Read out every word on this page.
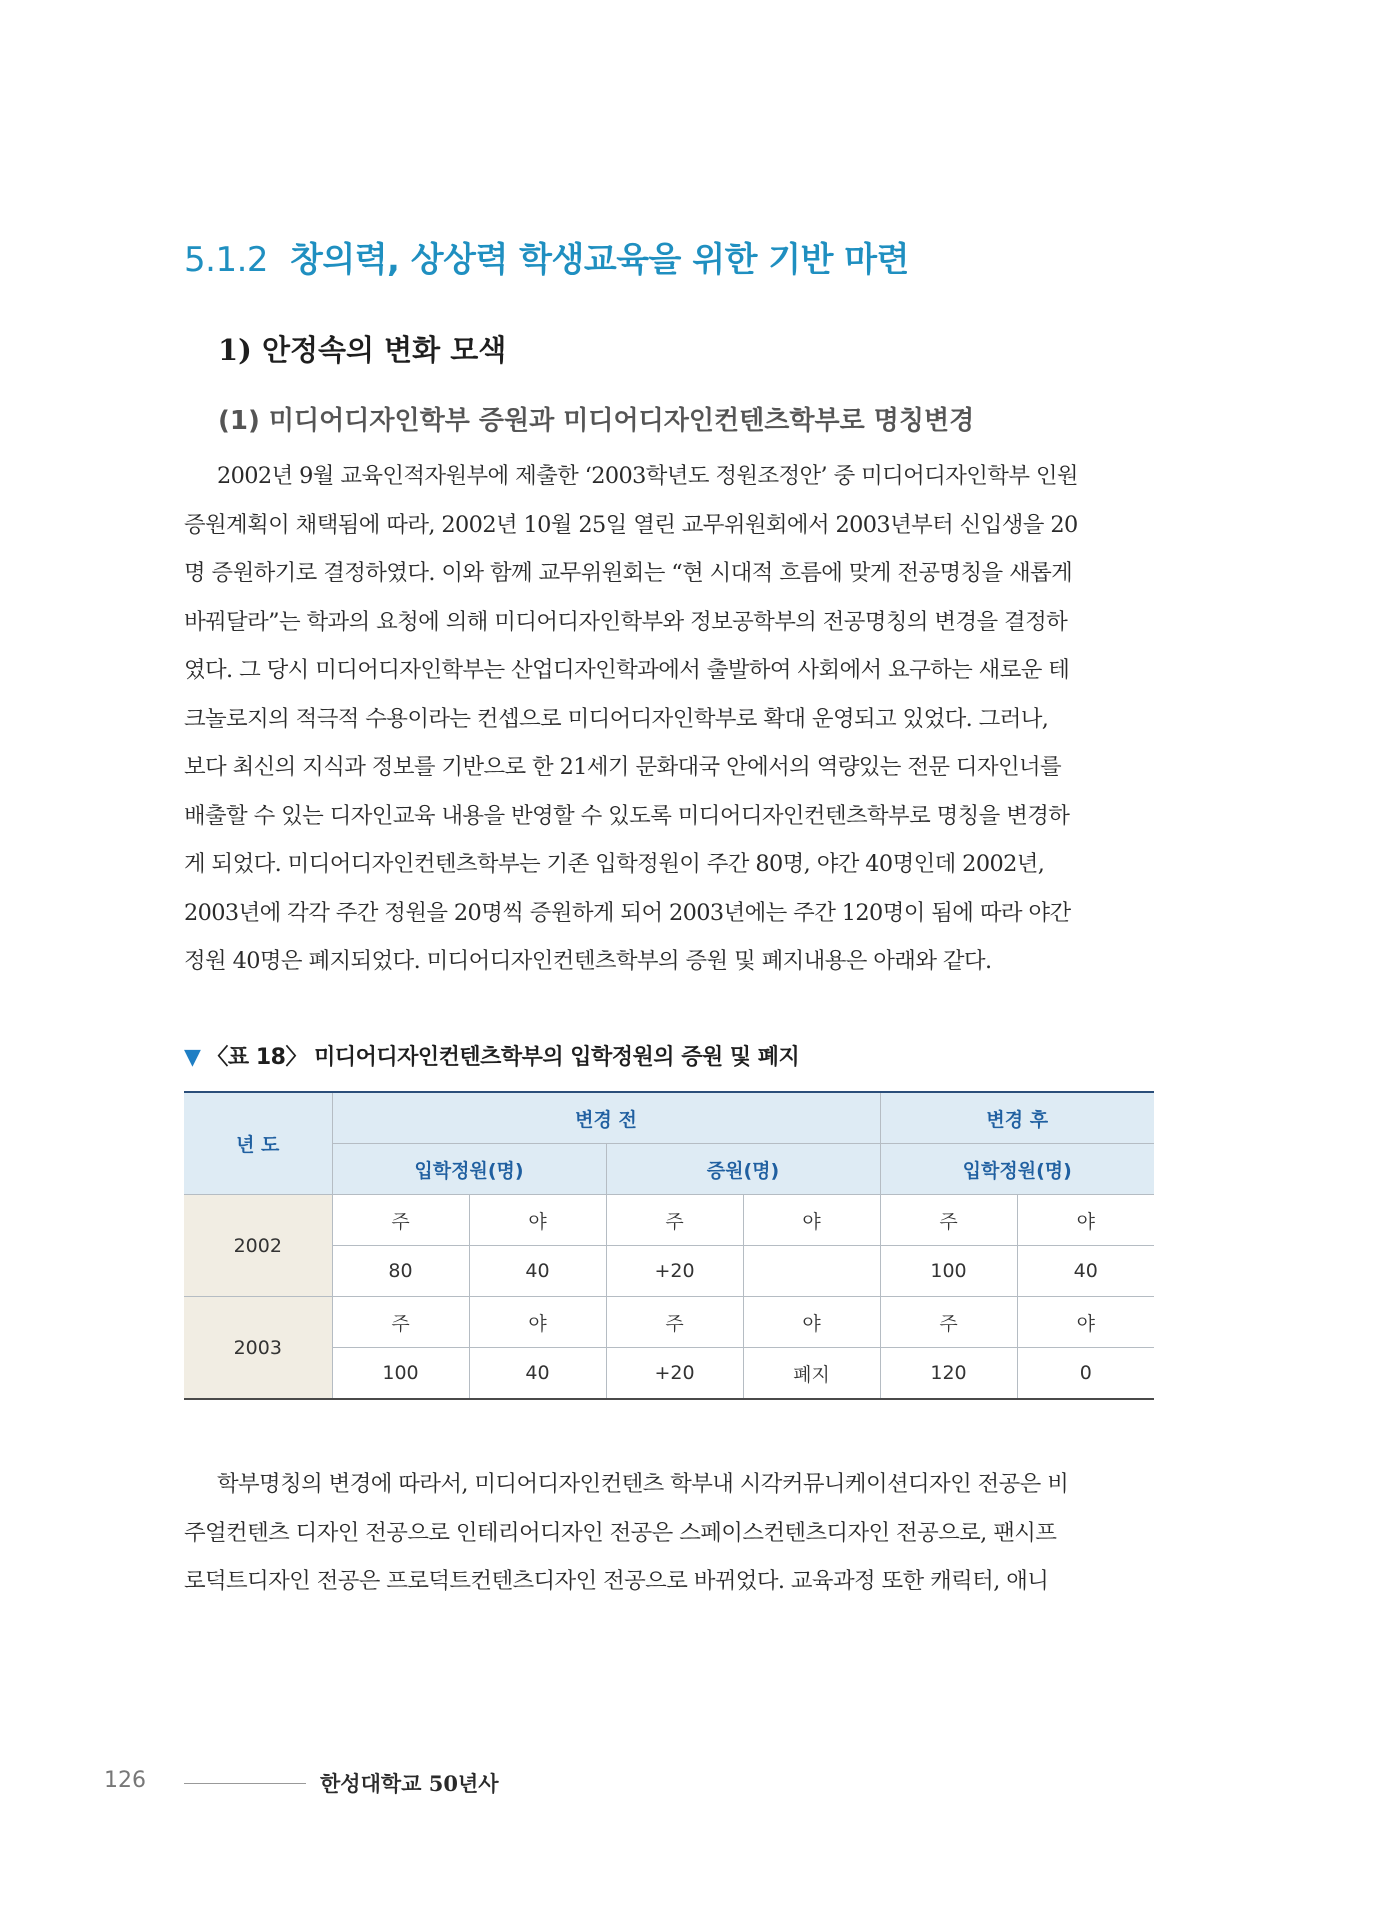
5.1.2 창의력, 상상력 학생교육을 위한 기반 마련
1) 안정속의 변화 모색
(1) 미디어디자인학부 증원과 미디어디자인컨텐츠학부로 명칭변경
2002년 9월 교육인적자원부에 제출한 ‘2003학년도 정원조정안’ 중 미디어디자인학부 인원
증원계획이 채택됨에 따라, 2002년 10월 25일 열린 교무위원회에서 2003년부터 신입생을 20
명 증원하기로 결정하였다. 이와 함께 교무위원회는 “현 시대적 흐름에 맞게 전공명칭을 새롭게
바꿔달라”는 학과의 요청에 의해 미디어디자인학부와 정보공학부의 전공명칭의 변경을 결정하
였다. 그 당시 미디어디자인학부는 산업디자인학과에서 출발하여 사회에서 요구하는 새로운 테
크놀로지의 적극적 수용이라는 컨셉으로 미디어디자인학부로 확대 운영되고 있었다. 그러나,
보다 최신의 지식과 정보를 기반으로 한 21세기 문화대국 안에서의 역량있는 전문 디자인너를
배출할 수 있는 디자인교육 내용을 반영할 수 있도록 미디어디자인컨텐츠학부로 명칭을 변경하
게 되었다. 미디어디자인컨텐츠학부는 기존 입학정원이 주간 80명, 야간 40명인데 2002년,
2003년에 각각 주간 정원을 20명씩 증원하게 되어 2003년에는 주간 120명이 됨에 따라 야간
정원 40명은 폐지되었다. 미디어디자인컨텐츠학부의 증원 및 폐지내용은 아래와 같다.
▼ 〈표 18〉 미디어디자인컨텐츠학부의 입학정원의 증원 및 폐지
년 도	변경 전				변경 후	
	입학정원(명)		증원(명)		입학정원(명)	
2002	주	야	주	야	주	야
	80	40	+20		100	40
2003	주	야	주	야	주	야
	100	40	+20	폐지	120	0
학부명칭의 변경에 따라서, 미디어디자인컨텐츠 학부내 시각커뮤니케이션디자인 전공은 비
주얼컨텐츠 디자인 전공으로 인테리어디자인 전공은 스페이스컨텐츠디자인 전공으로, 팬시프
로덕트디자인 전공은 프로덕트컨텐츠디자인 전공으로 바뀌었다. 교육과정 또한 캐릭터, 애니
126	한성대학교 50년사
